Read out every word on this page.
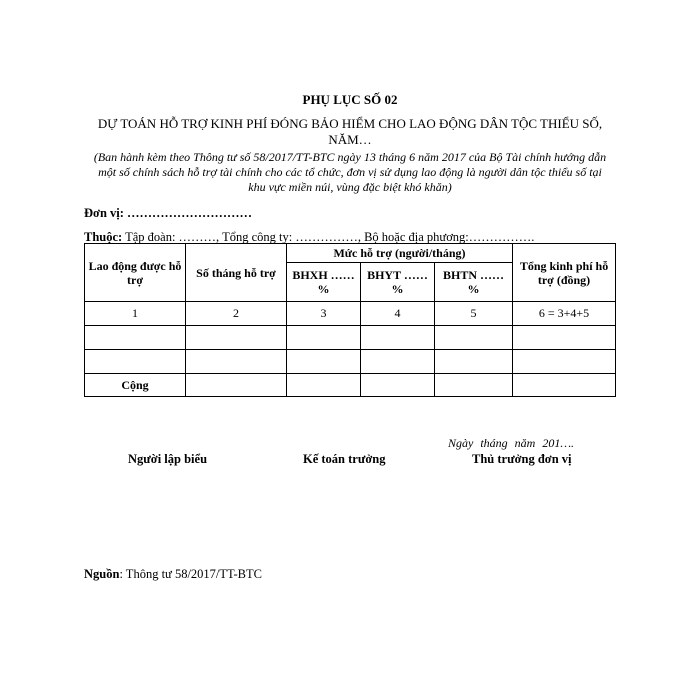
PHỤ LỤC SỐ 02
DỰ TOÁN HỖ TRỢ KINH PHÍ ĐÓNG BẢO HIỂM CHO LAO ĐỘNG DÂN TỘC THIỂU SỐ, NĂM…
(Ban hành kèm theo Thông tư số 58/2017/TT-BTC ngày 13 tháng 6 năm 2017 của Bộ Tài chính hướng dẫn một số chính sách hỗ trợ tài chính cho các tổ chức, đơn vị sử dụng lao động là người dân tộc thiểu số tại khu vực miền núi, vùng đặc biệt khó khăn)
Đơn vị: …………………………
Thuộc: Tập đoàn: ………, Tổng công ty: ……………, Bộ hoặc địa phương:…………….
Lao động được hỗ trợ	Số tháng hỗ trợ	Mức hỗ trợ (người/tháng)			Tổng kinh phí hỗ trợ (đồng)
		BHXH ……%	BHYT …… %	BHTN …… %	
1	2	3	4	5	6 = 3+4+5

Cộng					
Ngày tháng năm 201….
Người lập biểu	Kế toán trưởng	Thủ trưởng đơn vị
Nguồn: Thông tư 58/2017/TT-BTC
